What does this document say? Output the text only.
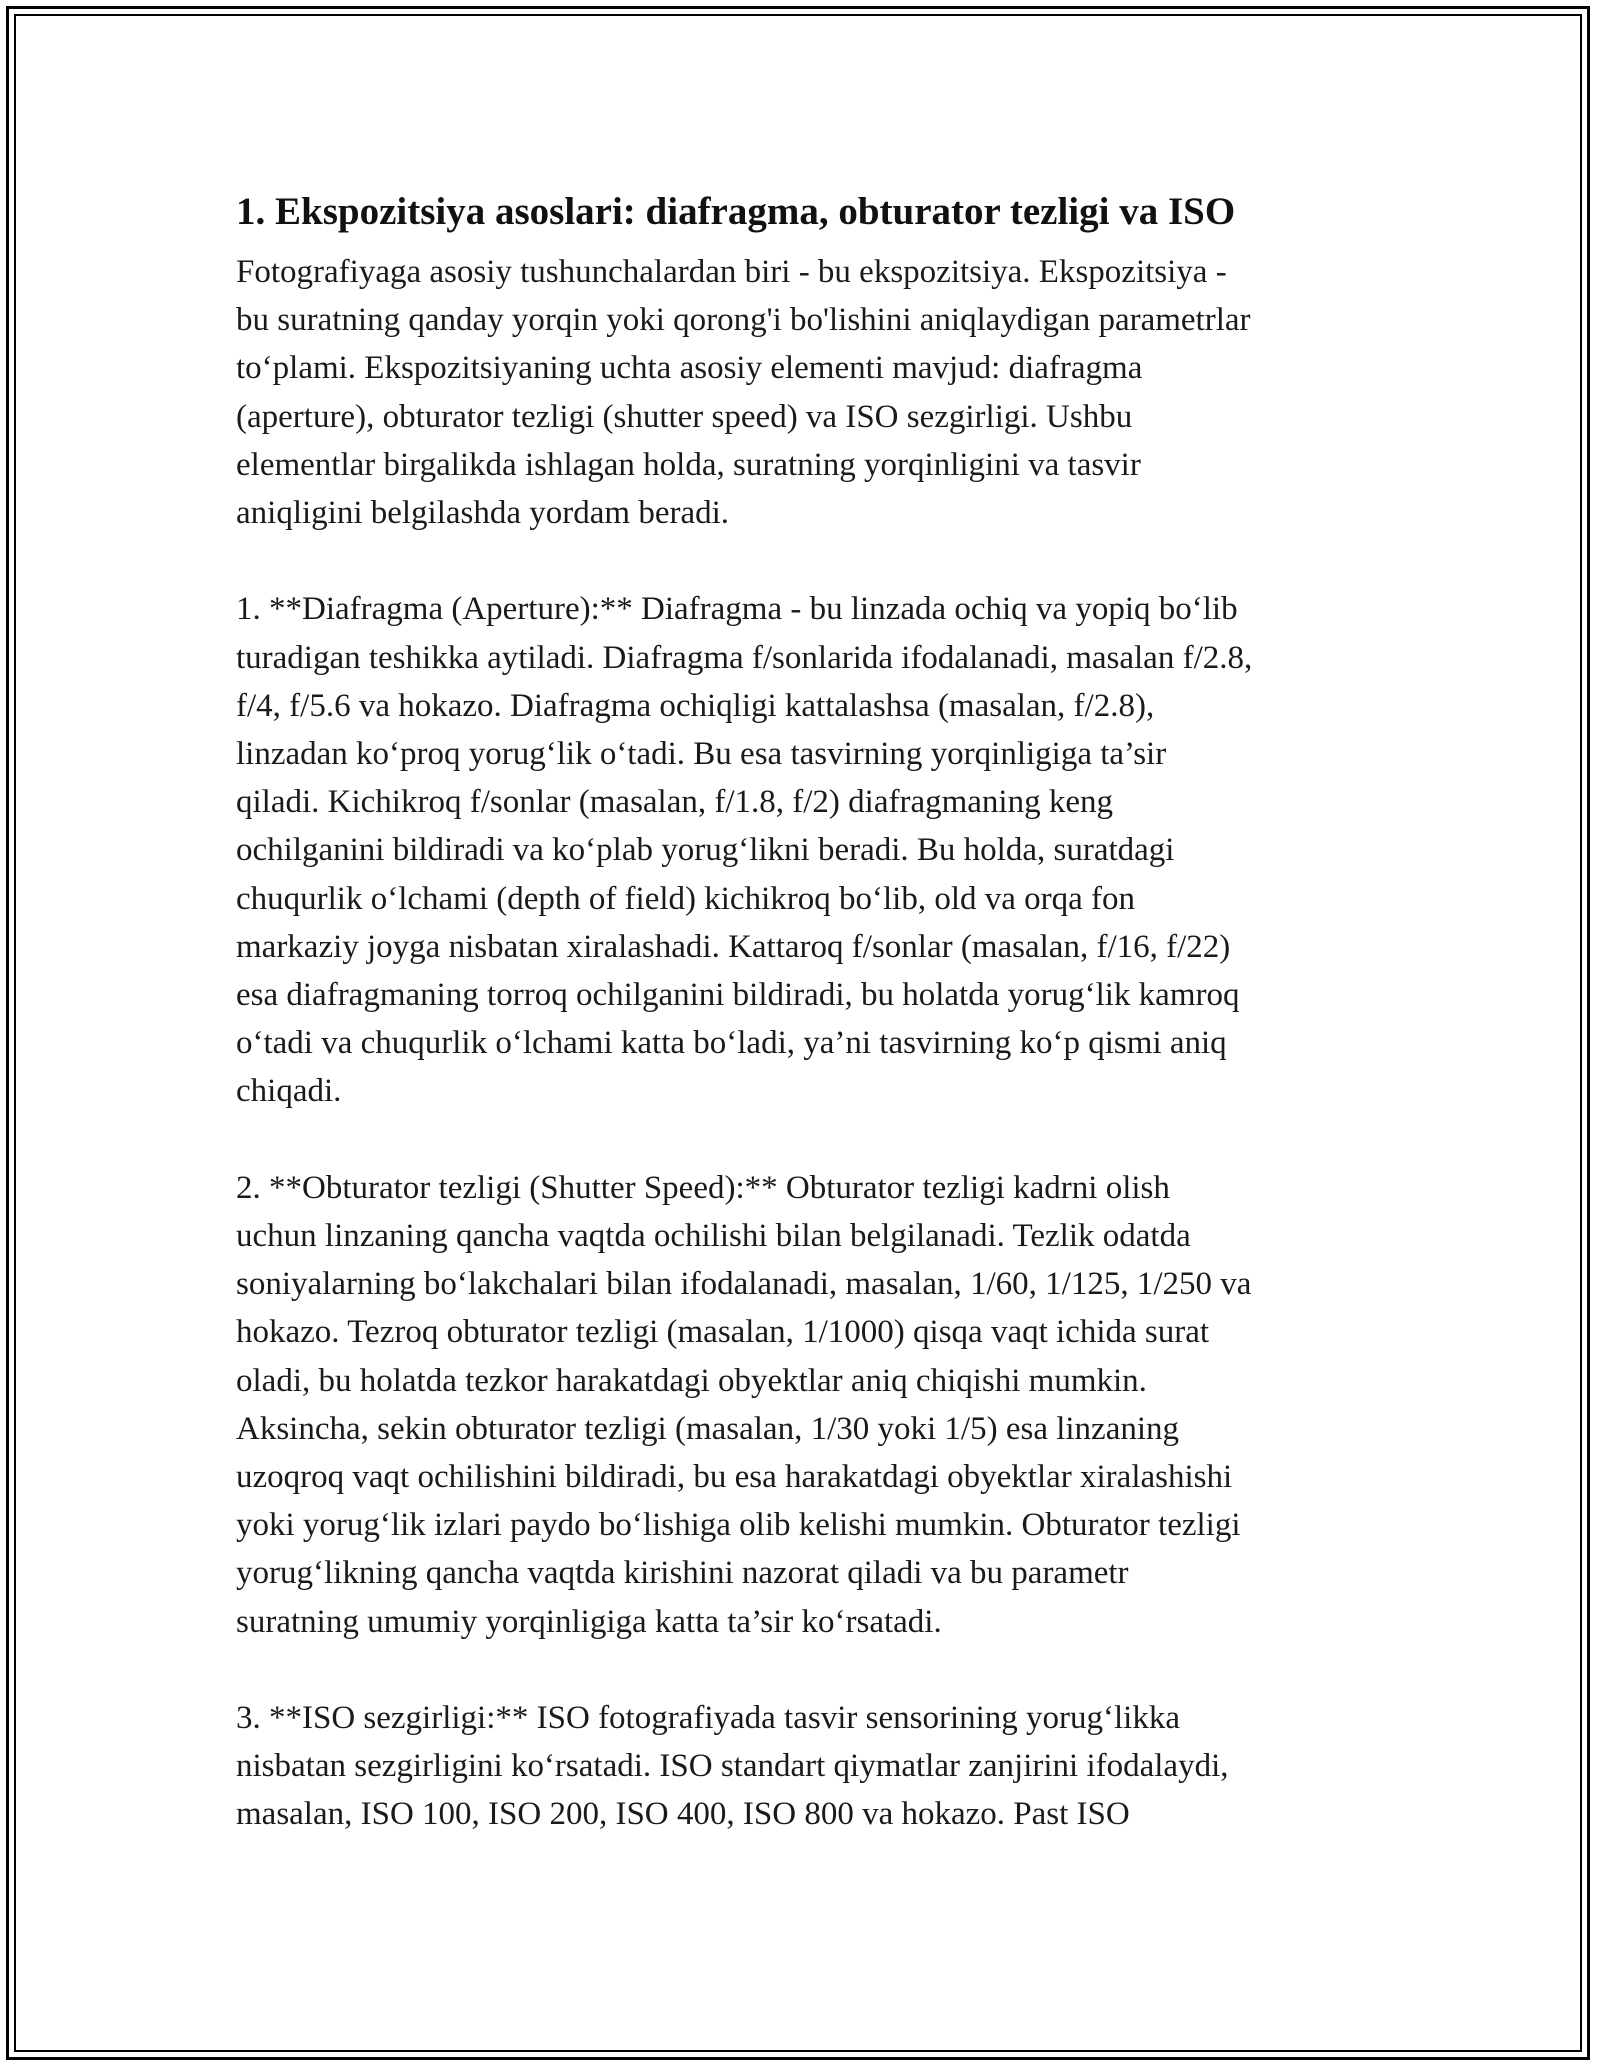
1. Ekspozitsiya asoslari: diafragma, obturator tezligi va ISO

Fotografiyaga asosiy tushunchalardan biri - bu ekspozitsiya. Ekspozitsiya -
bu suratning qanday yorqin yoki qorong'i bo'lishini aniqlaydigan parametrlar
to‘plami. Ekspozitsiyaning uchta asosiy elementi mavjud: diafragma
(aperture), obturator tezligi (shutter speed) va ISO sezgirligi. Ushbu
elementlar birgalikda ishlagan holda, suratning yorqinligini va tasvir
aniqligini belgilashda yordam beradi.

1. **Diafragma (Aperture):** Diafragma - bu linzada ochiq va yopiq bo‘lib
turadigan teshikka aytiladi. Diafragma f/sonlarida ifodalanadi, masalan f/2.8,
f/4, f/5.6 va hokazo. Diafragma ochiqligi kattalashsa (masalan, f/2.8),
linzadan ko‘proq yorug‘lik o‘tadi. Bu esa tasvirning yorqinligiga ta’sir
qiladi. Kichikroq f/sonlar (masalan, f/1.8, f/2) diafragmaning keng
ochilganini bildiradi va ko‘plab yorug‘likni beradi. Bu holda, suratdagi
chuqurlik o‘lchami (depth of field) kichikroq bo‘lib, old va orqa fon
markaziy joyga nisbatan xiralashadi. Kattaroq f/sonlar (masalan, f/16, f/22)
esa diafragmaning torroq ochilganini bildiradi, bu holatda yorug‘lik kamroq
o‘tadi va chuqurlik o‘lchami katta bo‘ladi, ya’ni tasvirning ko‘p qismi aniq
chiqadi.

2. **Obturator tezligi (Shutter Speed):** Obturator tezligi kadrni olish
uchun linzaning qancha vaqtda ochilishi bilan belgilanadi. Tezlik odatda
soniyalarning bo‘lakchalari bilan ifodalanadi, masalan, 1/60, 1/125, 1/250 va
hokazo. Tezroq obturator tezligi (masalan, 1/1000) qisqa vaqt ichida surat
oladi, bu holatda tezkor harakatdagi obyektlar aniq chiqishi mumkin.
Aksincha, sekin obturator tezligi (masalan, 1/30 yoki 1/5) esa linzaning
uzoqroq vaqt ochilishini bildiradi, bu esa harakatdagi obyektlar xiralashishi
yoki yorug‘lik izlari paydo bo‘lishiga olib kelishi mumkin. Obturator tezligi
yorug‘likning qancha vaqtda kirishini nazorat qiladi va bu parametr
suratning umumiy yorqinligiga katta ta’sir ko‘rsatadi.

3. **ISO sezgirligi:** ISO fotografiyada tasvir sensorining yorug‘likka
nisbatan sezgirligini ko‘rsatadi. ISO standart qiymatlar zanjirini ifodalaydi,
masalan, ISO 100, ISO 200, ISO 400, ISO 800 va hokazo. Past ISO
